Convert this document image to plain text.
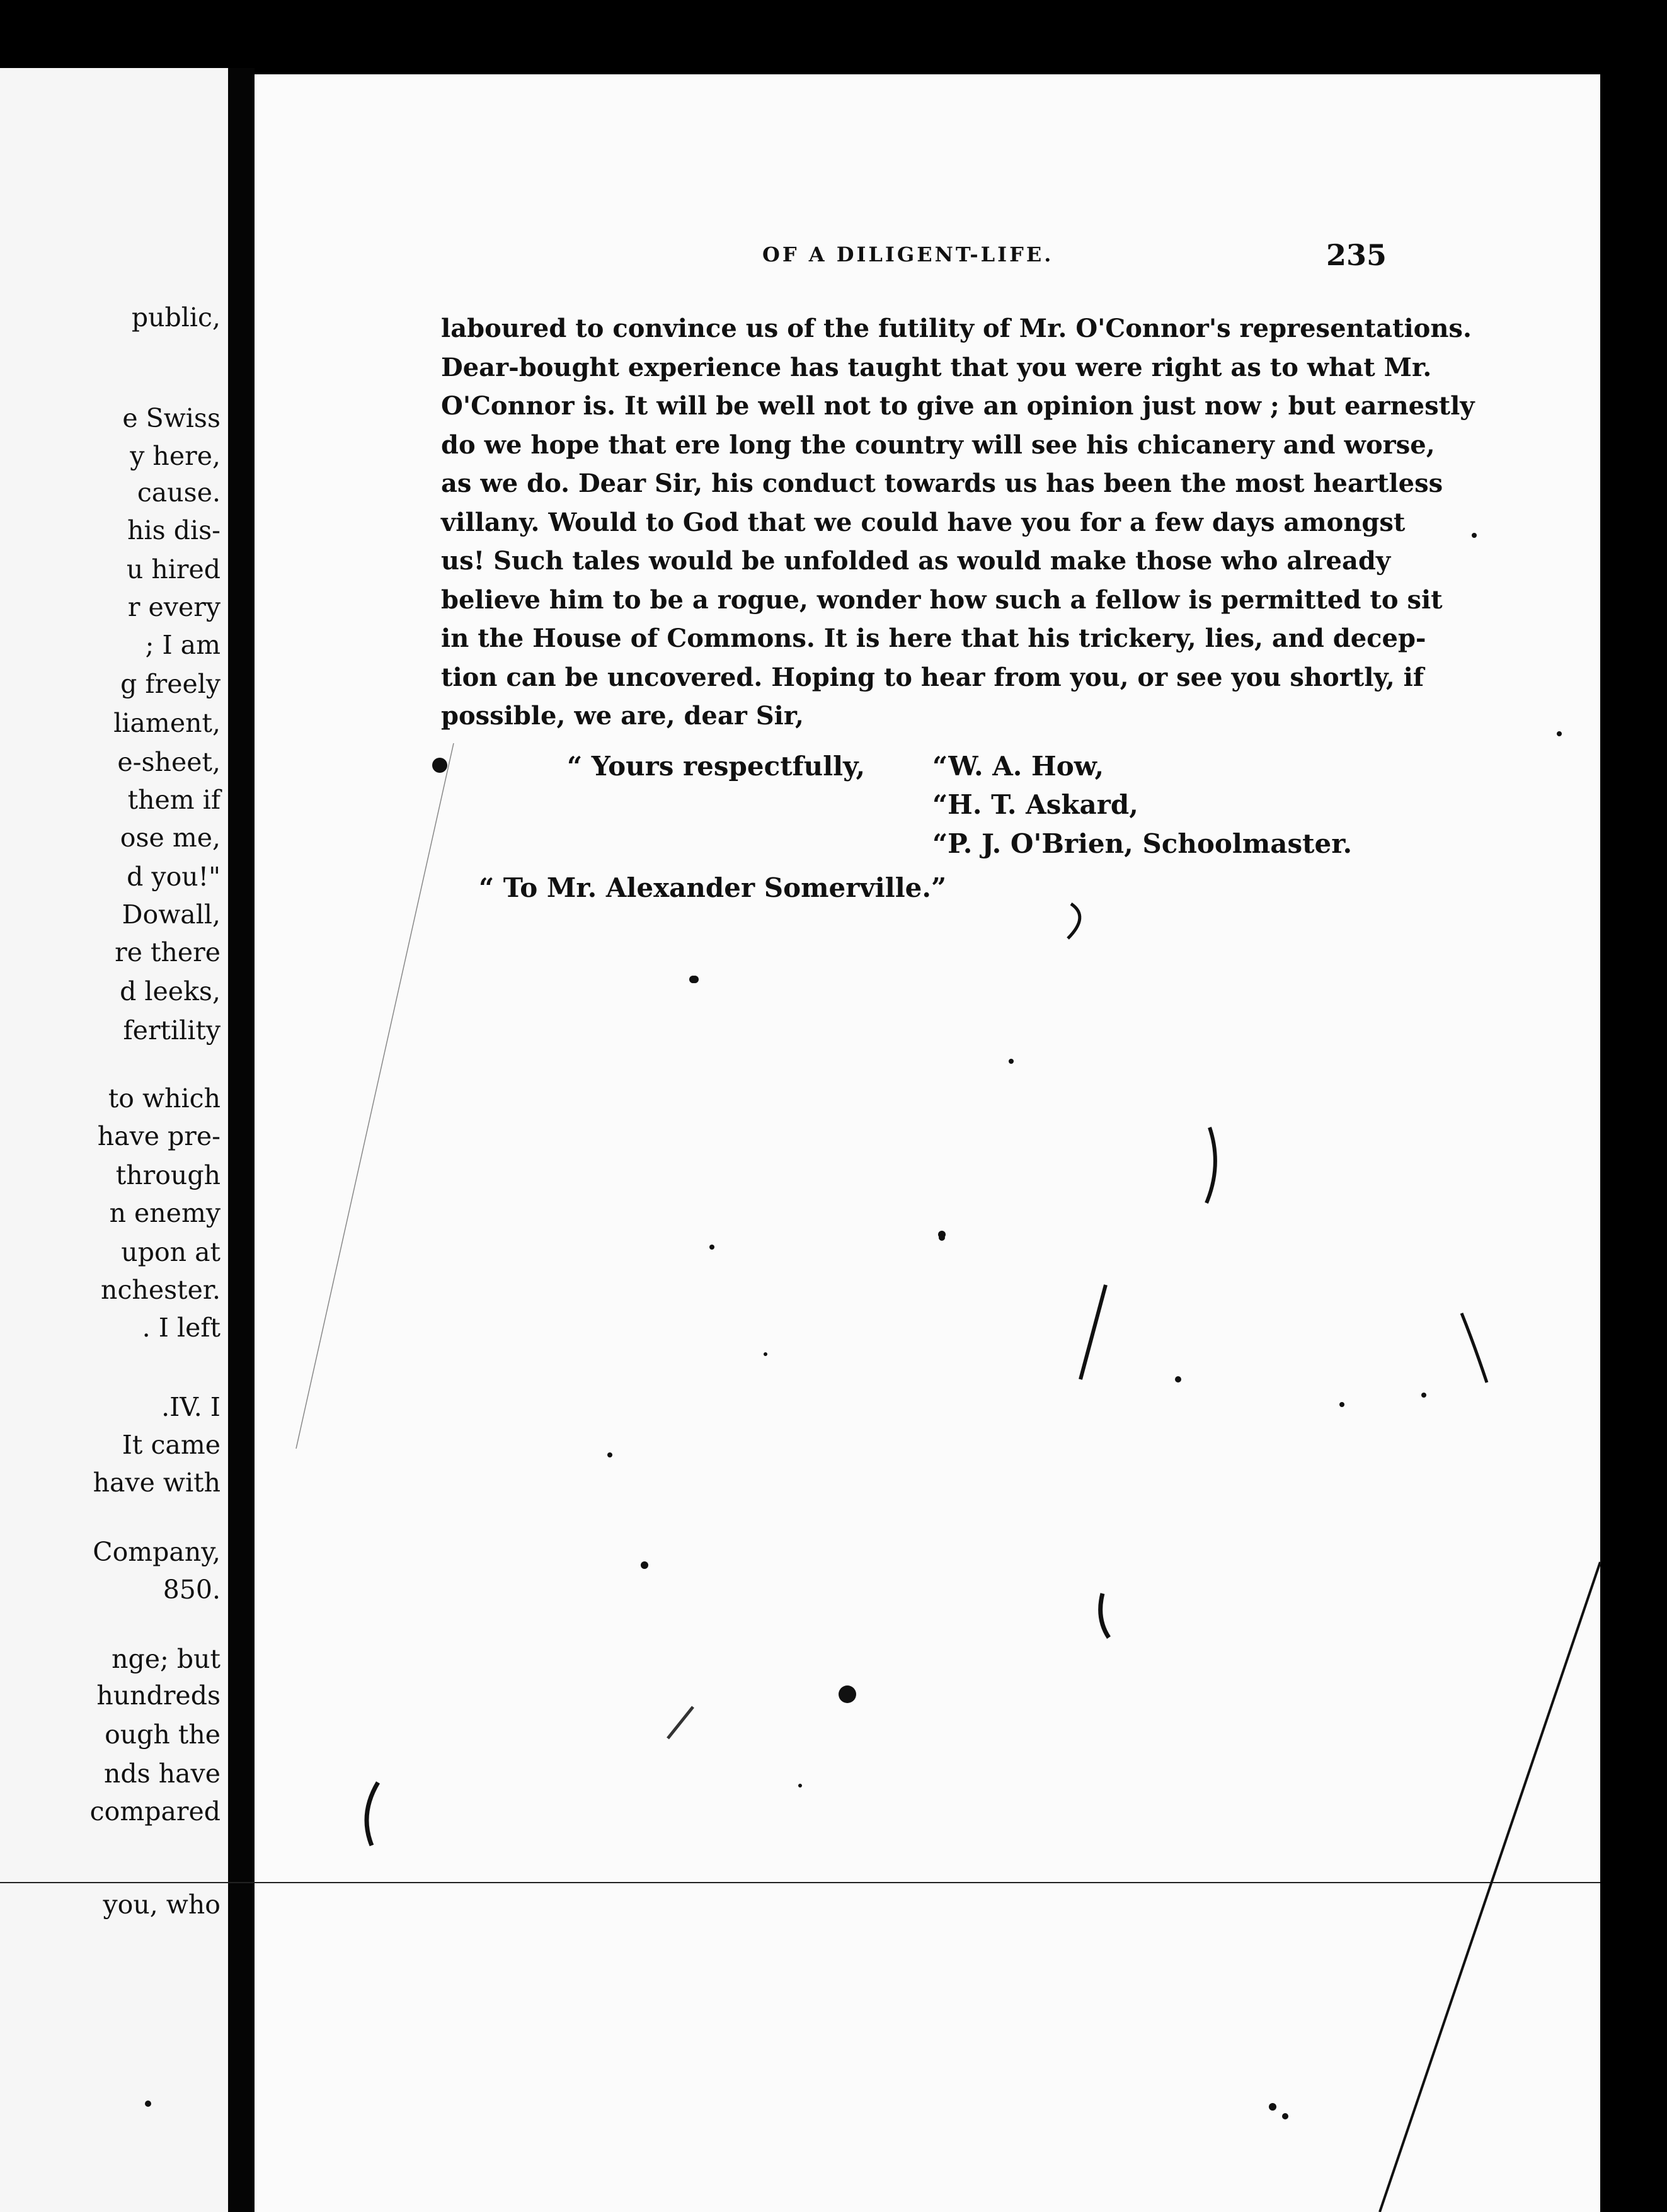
public,
e Swiss
y here,
cause.
his dis-
u hired
r every
; I am
g freely
liament,
e-sheet,
them if
ose me,
d you!"
Dowall,
re there
d leeks,
fertility
to which
have pre-
through
n enemy
upon at
nchester.
. I left
.IV. I
It came
have with
Company,
850.
nge; but
hundreds
ough the
nds have
compared
you, who
OF A DILIGENT-LIFE.	235
laboured to convince us of the futility of Mr. O'Connor's representations.
Dear-bought experience has taught that you were right as to what Mr.
O'Connor is. It will be well not to give an opinion just now ; but earnestly
do we hope that ere long the country will see his chicanery and worse,
as we do. Dear Sir, his conduct towards us has been the most heartless
villany. Would to God that we could have you for a few days amongst
us! Such tales would be unfolded as would make those who already
believe him to be a rogue, wonder how such a fellow is permitted to sit
in the House of Commons. It is here that his trickery, lies, and decep-
tion can be uncovered. Hoping to hear from you, or see you shortly, if
possible, we are, dear Sir,
“ Yours respectfully,	“W. A. How,
“H. T. Askard,
“P. J. O'Brien, Schoolmaster.
“ To Mr. Alexander Somerville.”
